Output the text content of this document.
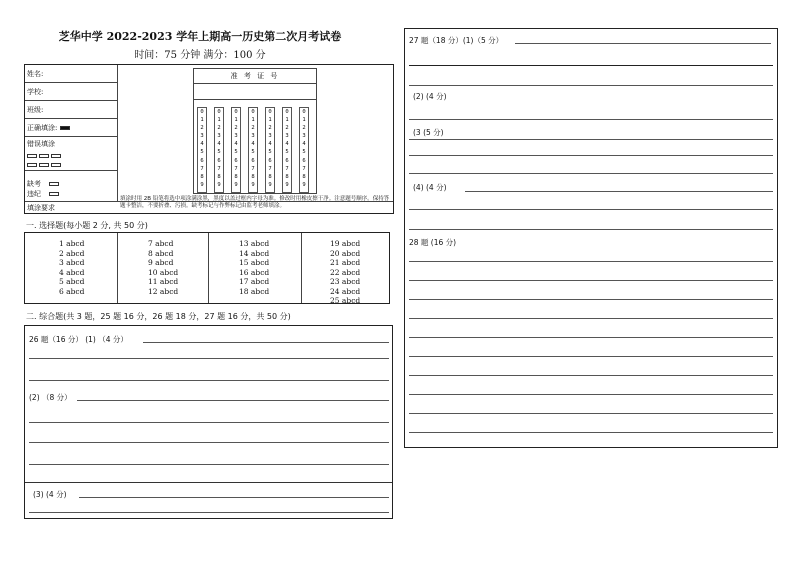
芝华中学 2022-2023 学年上期高一历史第二次月考试卷
时间：75 分钟 满分：100 分
姓名:
学校:
班级:
正确填涂:
错误填涂
缺考
违纪
填涂要求
填涂时用 2B 铅笔将选中项涂满涂黑，黑度以盖过框内字母为准。修改时用橡皮擦干净。注意题号顺序。保持答题卡整洁，不要折叠、污损。缺考标记与作弊标记由监考老师填涂。
准 考 证 号
0
1
2
3
4
5
6
7
8
9
0
1
2
3
4
5
6
7
8
9
0
1
2
3
4
5
6
7
8
9
0
1
2
3
4
5
6
7
8
9
0
1
2
3
4
5
6
7
8
9
0
1
2
3
4
5
6
7
8
9
0
1
2
3
4
5
6
7
8
9
一. 选择题(每小题 2 分, 共 50 分)
1 abcd
2 abcd
3 abcd
4 abcd
5 abcd
6 abcd
7 abcd
8 abcd
9 abcd
10 abcd
11 abcd
12 abcd
13 abcd
14 abcd
15 abcd
16 abcd
17 abcd
18 abcd
19 abcd
20 abcd
21 abcd
22 abcd
23 abcd
24 abcd
25 abcd
二. 综合题(共 3 题，25 题 16 分，26 题 18 分，27 题 16 分，共 50 分)
26 题（16 分） (1) （4 分）
(2) （8 分）
(3) (4 分)
27 题（18 分）(1)（5 分）
(2) (4 分)
(3 (5 分)
(4) (4 分)
28 题 (16 分)
